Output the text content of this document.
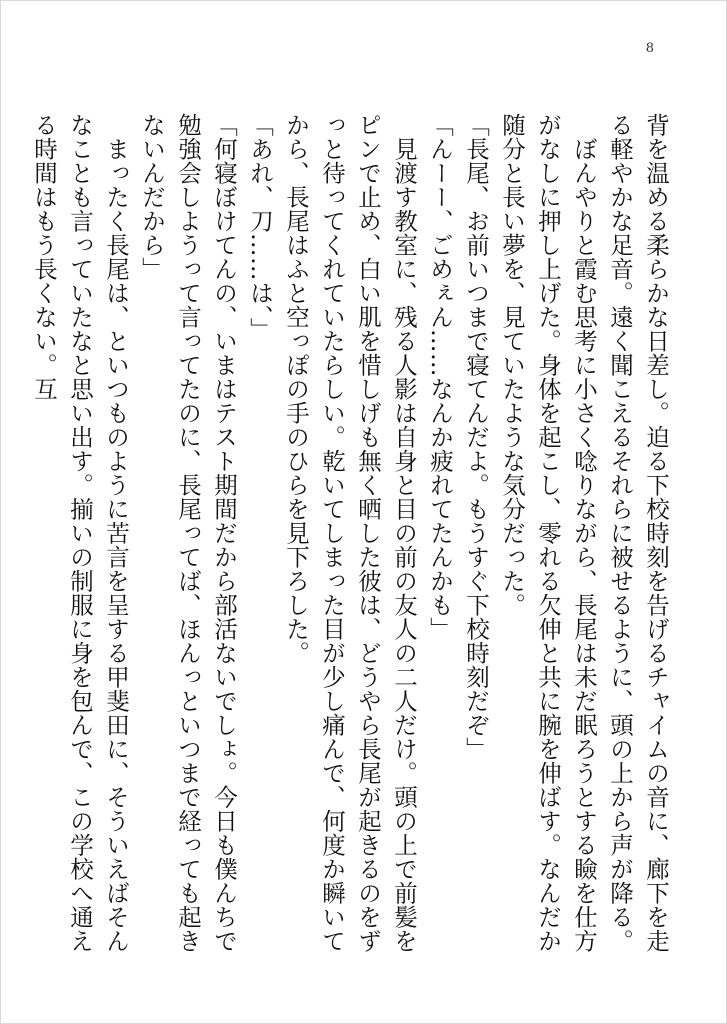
8

背を温める柔らかな日差し。迫る下校時刻を告げるチャイムの音に、廊下を走る軽やかな足音。遠く聞こえるそれらに被せるように、頭の上から声が降る。

　ぼんやりと霞む思考に小さく唸りながら、長尾は未だ眠ろうとする瞼を仕方がなしに押し上げた。身体を起こし、零れる欠伸と共に腕を伸ばす。なんだか随分と長い夢を、見ていたような気分だった。

「長尾、お前いつまで寝てんだよ。もうすぐ下校時刻だぞ」

「んーー、ごめぇん……なんか疲れてたんかも」

　見渡す教室に、残る人影は自身と目の前の友人の二人だけ。頭の上で前髪をピンで止め、白い肌を惜しげも無く晒した彼は、どうやら長尾が起きるのをずっと待ってくれていたらしい。乾いてしまった目が少し痛んで、何度か瞬いてから、長尾はふと空っぽの手のひらを見下ろした。

「あれ、刀……は、」

「何寝ぼけてんの、いまはテスト期間だから部活ないでしょ。今日も僕んちで勉強会しようって言ってたのに、長尾ってば、ほんっといつまで経っても起きないんだから」

　まったく長尾は、といつものように苦言を呈する甲斐田に、そういえばそんなことも言っていたなと思い出す。揃いの制服に身を包んで、この学校へ通える時間はもう長くない。互
